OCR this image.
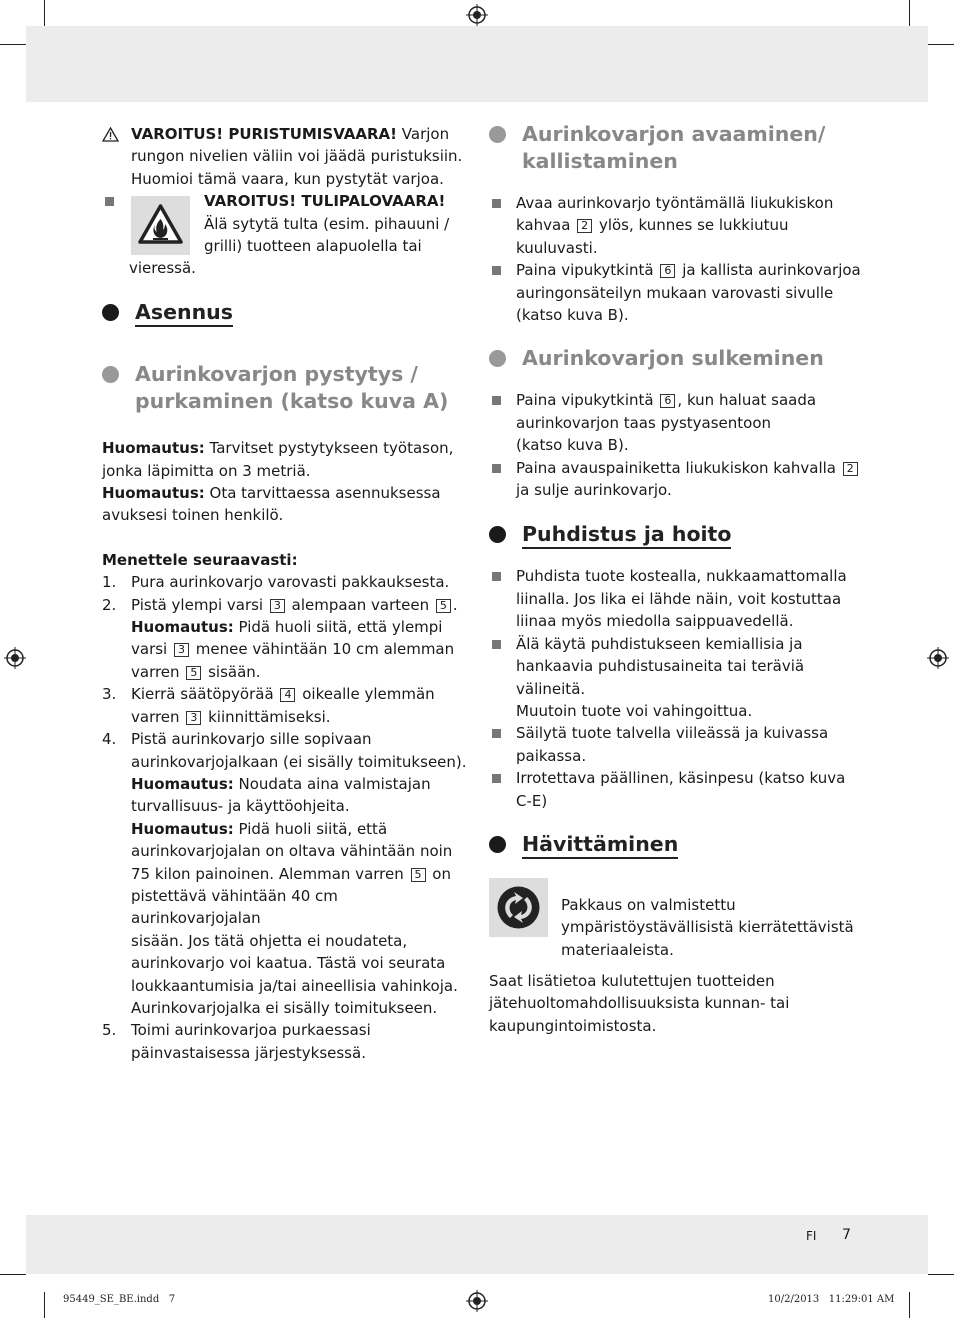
VAROITUS! PURISTUMISVAARA! Varjon
rungon nivelien väliin voi jäädä puristuksiin.
Huomioi tämä vaara, kun pystytät varjoa.
VAROITUS! TULIPALOVAARA!
Älä sytytä tulta (esim. pihauuni /
grilli) tuotteen alapuolella tai
vieressä.
Asennus
Aurinkovarjon pystytys /
purkaminen (katso kuva A)
Huomautus: Tarvitset pystytykseen työtason,
jonka läpimitta on 3 metriä.
Huomautus: Ota tarvittaessa asennuksessa
avuksesi toinen henkilö.
Menettele seuraavasti:
1. Pura aurinkovarjo varovasti pakkauksesta.
2. Pistä ylempi varsi 3 alempaan varteen 5 .
Huomautus: Pidä huoli siitä, että ylempi
varsi 3 menee vähintään 10 cm alemman
varren 5 sisään.
3. Kierrä säätöpyörää 4 oikealle ylemmän
varren 3 kiinnittämiseksi.
4. Pistä aurinkovarjo sille sopivaan
aurinkovarjojalkaan (ei sisälly toimitukseen).
Huomautus: Noudata aina valmistajan
turvallisuus- ja käyttöohjeita.
Huomautus: Pidä huoli siitä, että
aurinkovarjojalan on oltava vähintään noin
75 kilon painoinen. Alemman varren 5 on
pistettävä vähintään 40 cm aurinkovarjojalan
sisään. Jos tätä ohjetta ei noudateta,
aurinkovarjo voi kaatua. Tästä voi seurata
loukkaantumisia ja/tai aineellisia vahinkoja.
Aurinkovarjojalka ei sisälly toimitukseen.
5. Toimi aurinkovarjoa purkaessasi
päinvastaisessa järjestyksessä.
Aurinkovarjon avaaminen/
kallistaminen
Avaa aurinkovarjo työntämällä liukukiskon
kahvaa 2 ylös, kunnes se lukkiutuu kuuluvasti.
Paina vipukytkintä 6 ja kallista aurinkovarjoa
auringonsäteilyn mukaan varovasti sivulle
(katso kuva B).
Aurinkovarjon sulkeminen
Paina vipukytkintä 6 , kun haluat saada
aurinkovarjon taas pystyasentoon
(katso kuva B).
Paina avauspainiketta liukukiskon kahvalla 2
ja sulje aurinkovarjo.
Puhdistus ja hoito
Puhdista tuote kostealla, nukkaamattomalla
liinalla. Jos lika ei lähde näin, voit kostuttaa
liinaa myös miedolla saippuavedellä.
Älä käytä puhdistukseen kemiallisia ja
hankaavia puhdistusaineita tai teräviä välineitä.
Muutoin tuote voi vahingoittua.
Säilytä tuote talvella viileässä ja kuivassa
paikassa.
Irrotettava päällinen, käsinpesu (katso kuva
C-E)
Hävittäminen
Pakkaus on valmistettu
ympäristöystävällisistä kierrätettävistä
materiaaleista.
Saat lisätietoa kulutettujen tuotteiden
jätehuoltomahdollisuuksista kunnan- tai
kaupungintoimistosta.
FI 7
95449_SE_BE.indd   7	10/2/2013   11:29:01 AM
